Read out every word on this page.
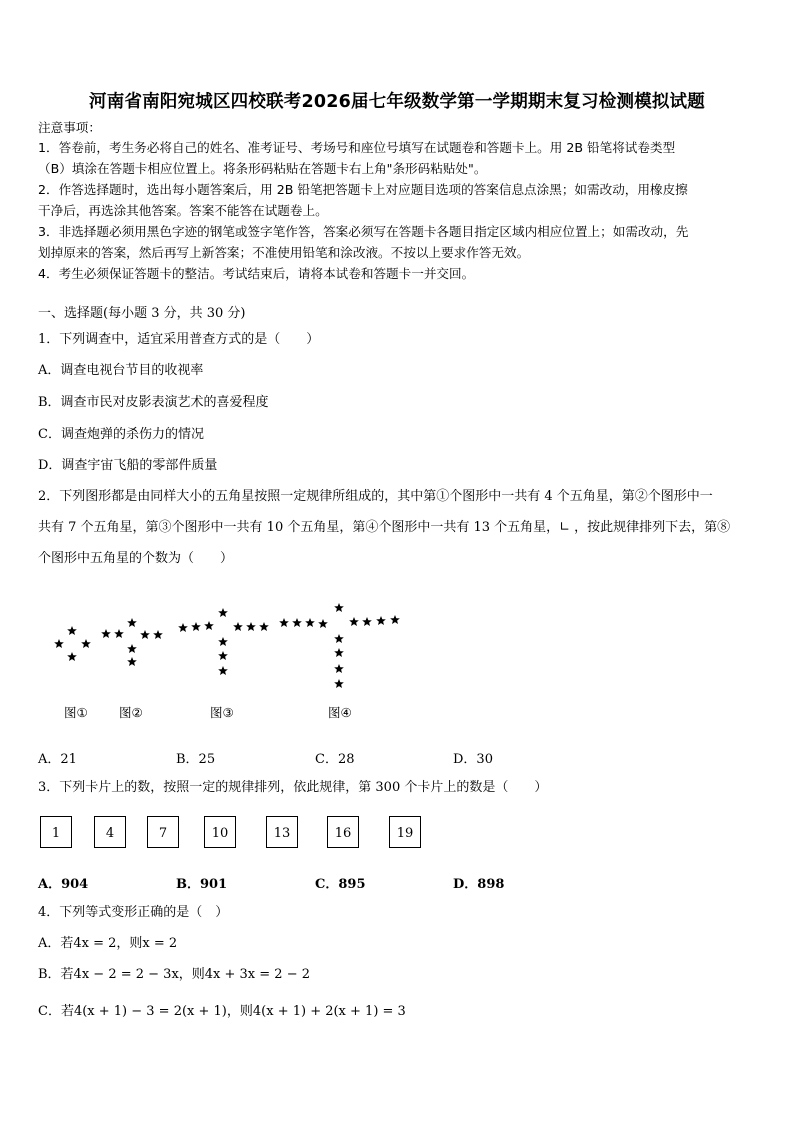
河南省南阳宛城区四校联考2026届七年级数学第一学期期末复习检测模拟试题
注意事项：
1．答卷前，考生务必将自己的姓名、准考证号、考场号和座位号填写在试题卷和答题卡上。用 2B 铅笔将试卷类型
（B）填涂在答题卡相应位置上。将条形码粘贴在答题卡右上角"条形码粘贴处"。
2．作答选择题时，选出每小题答案后，用 2B 铅笔把答题卡上对应题目选项的答案信息点涂黑；如需改动，用橡皮擦
干净后，再选涂其他答案。答案不能答在试题卷上。
3．非选择题必须用黑色字迹的钢笔或签字笔作答，答案必须写在答题卡各题目指定区域内相应位置上；如需改动，先
划掉原来的答案，然后再写上新答案；不准使用铅笔和涂改液。不按以上要求作答无效。
4．考生必须保证答题卡的整洁。考试结束后，请将本试卷和答题卡一并交回。
一、选择题(每小题 3 分，共 30 分)
1．下列调查中，适宜采用普查方式的是（　　）
A．调查电视台节目的收视率
B．调查市民对皮影表演艺术的喜爱程度
C．调查炮弹的杀伤力的情况
D．调查宇宙飞船的零部件质量
2．下列图形都是由同样大小的五角星按照一定规律所组成的，其中第①个图形中一共有 4 个五角星，第②个图形中一
共有 7 个五角星，第③个图形中一共有 10 个五角星，第④个图形中一共有 13 个五角星，∟ ，按此规律排列下去，第⑧
个图形中五角星的个数为（　　）
图①	图②	图③	图④
A．21	B．25	C．28	D．30
3．下列卡片上的数，按照一定的规律排列，依此规律，第 300 个卡片上的数是（　　）
1	4	7	10	13	16	19
A．904	B．901	C．895	D．898
4．下列等式变形正确的是（　）
A．若4x = 2，则x = 2
B．若4x − 2 = 2 − 3x，则4x + 3x = 2 − 2
C．若4(x + 1) − 3 = 2(x + 1)，则4(x + 1) + 2(x + 1) = 3
